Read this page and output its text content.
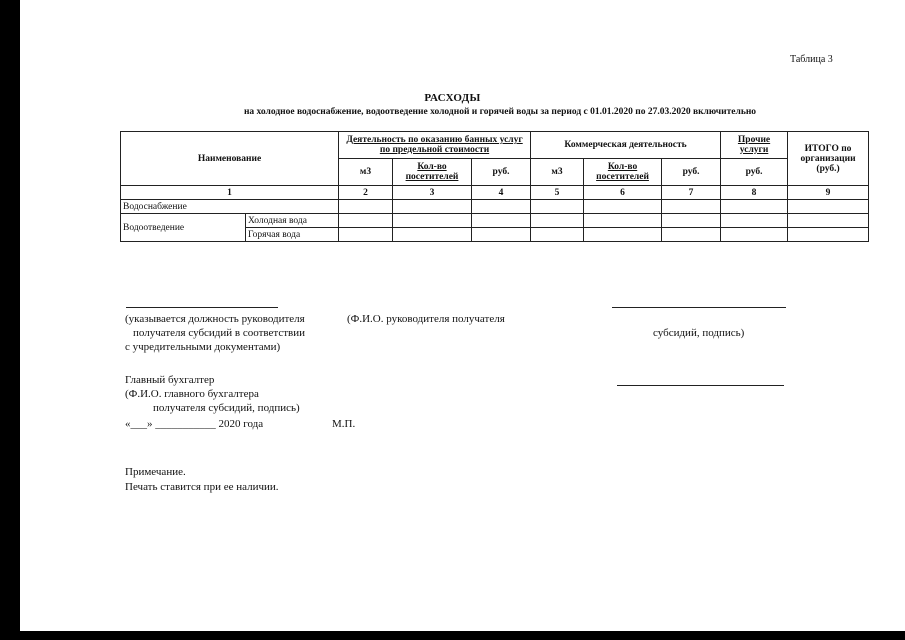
Таблица 3
РАСХОДЫ
на холодное водоснабжение, водоотведение холодной и горячей воды за период с 01.01.2020 по 27.03.2020 включительно
Наименование		Деятельность по оказанию банных услуг по предельной стоимости			Коммерческая деятельность			Прочие услуги	ИТОГО по организации (руб.)
		м3	Кол-во посетителей	руб.	м3	Кол-во посетителей	руб.	руб.	
1		2	3	4	5	6	7	8	9
Водоснабжение									
Водоотведение	Холодная вода								
	Горячая вода								
(указывается должность руководителя
получателя субсидий в соответствии
с учредительными документами)
(Ф.И.О. руководителя получателя
субсидий, подпись)
Главный бухгалтер
(Ф.И.О. главного бухгалтера
получателя субсидий, подпись)
«___» ___________ 2020 года	М.П.
Примечание.
Печать ставится при ее наличии.
